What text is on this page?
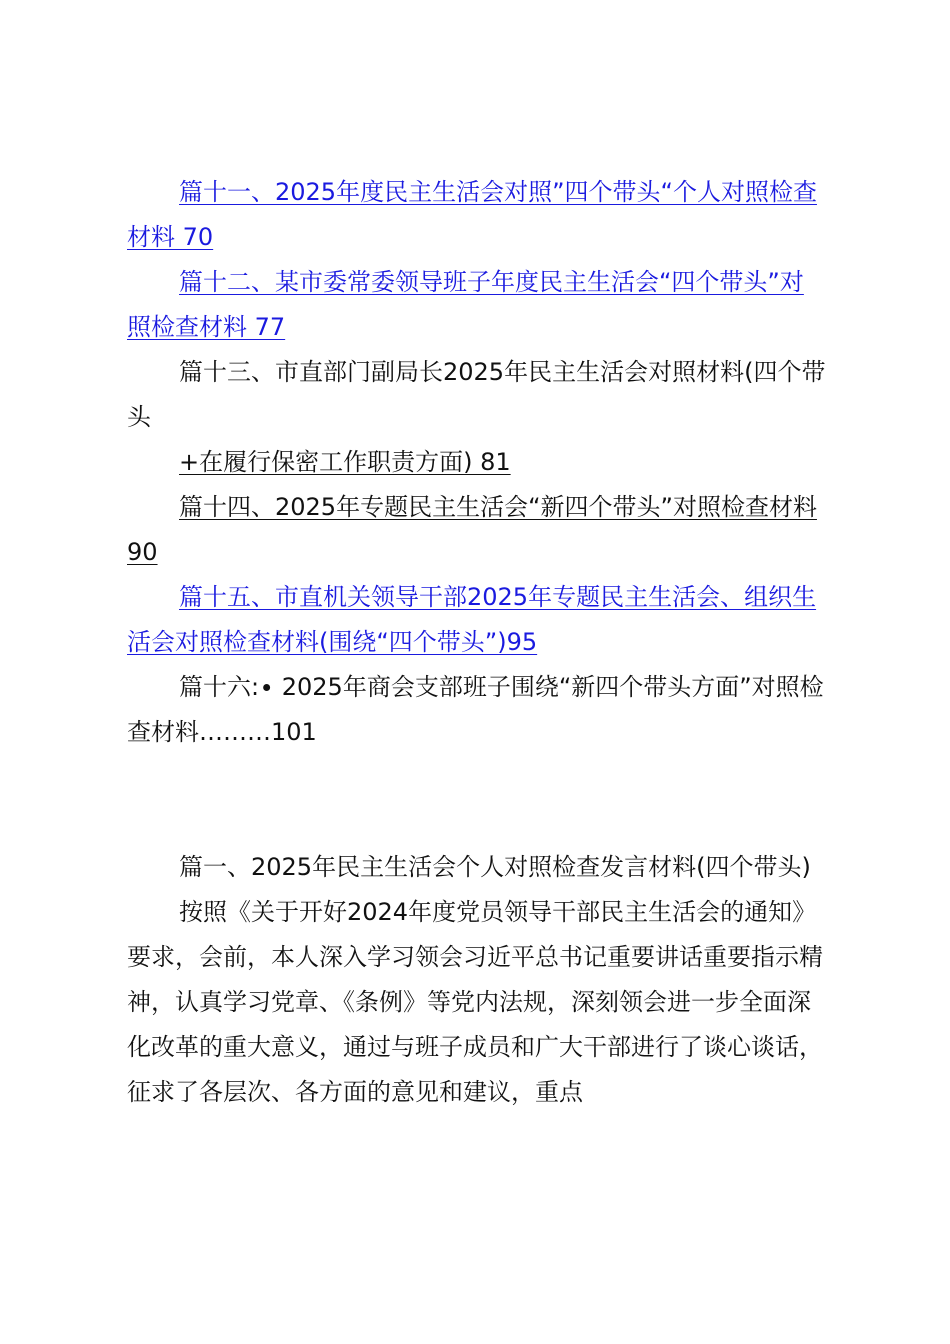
篇十一、2025年度民主生活会对照”四个带头“个人对照检查材料 70

篇十二、某市委常委领导班子年度民主生活会“四个带头”对照检查材料 77

篇十三、市直部门副局长2025年民主生活会对照材料(四个带头

+在履行保密工作职责方面) 81

篇十四、2025年专题民主生活会“新四个带头”对照检查材料90

篇十五、市直机关领导干部2025年专题民主生活会、组织生活会对照检查材料(围绕“四个带头”)95

篇十六:∙ 2025年商会支部班子围绕“新四个带头方面”对照检查材料………101

篇一、2025年民主生活会个人对照检查发言材料(四个带头)

按照《关于开好2024年度党员领导干部民主生活会的通知》要求，会前，本人深入学习领会习近平总书记重要讲话重要指示精神，认真学习党章、《条例》等党内法规，深刻领会进一步全面深化改革的重大意义，通过与班子成员和广大干部进行了谈心谈话，征求了各层次、各方面的意见和建议，重点
